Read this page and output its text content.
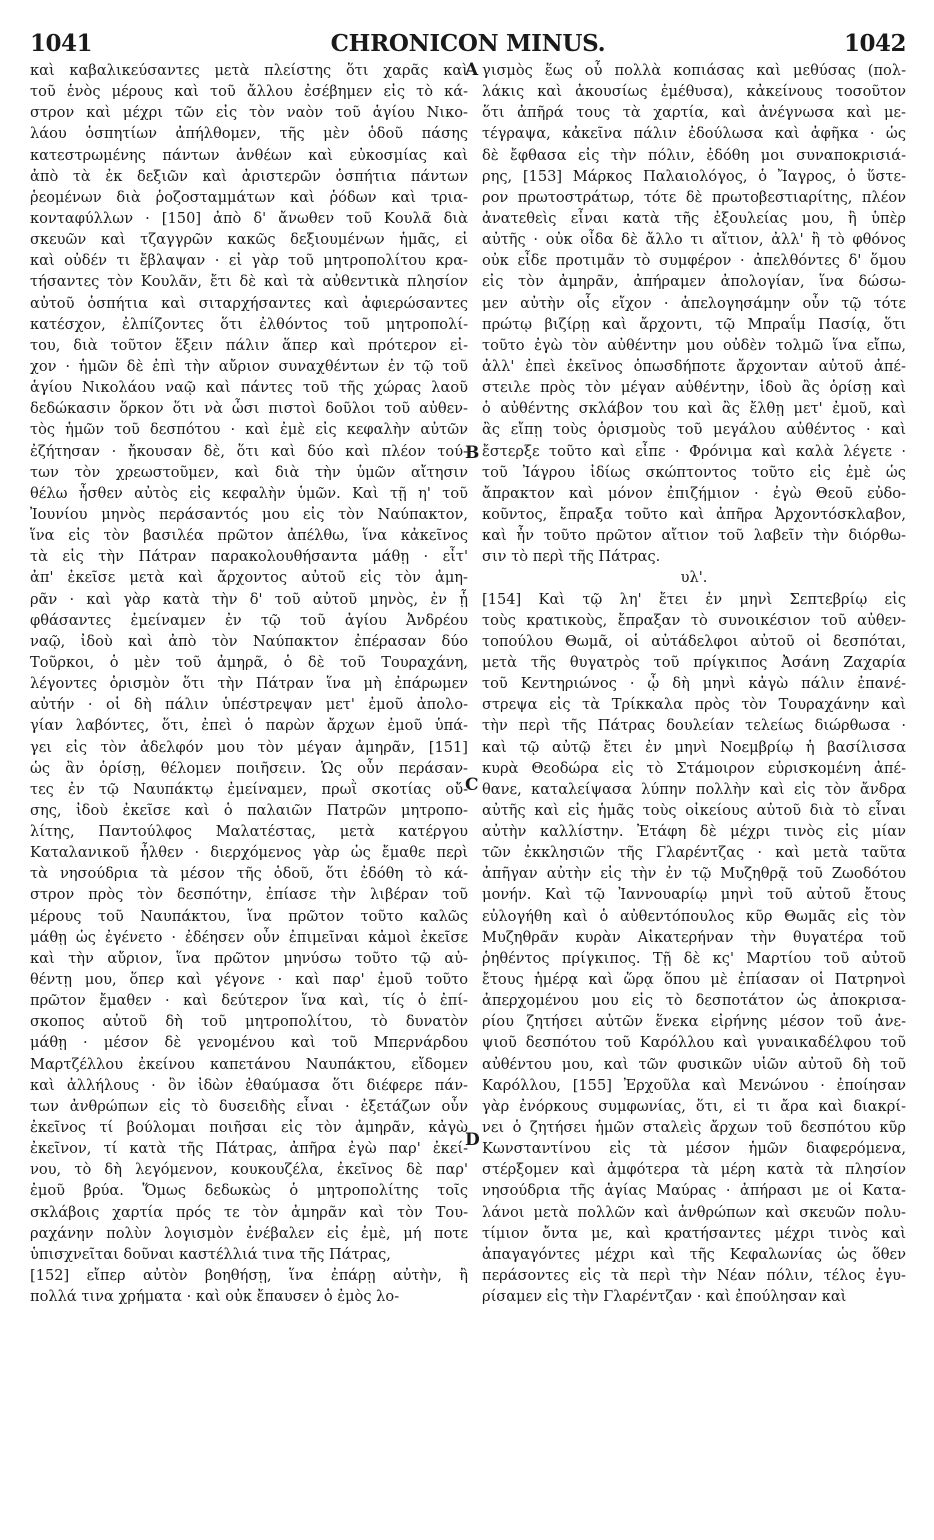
1041	CHRONICON MINUS.	1042
καὶ καβαλικεύσαντες μετὰ πλείστης ὅτι χαρᾶς καὶ
τοῦ ἑνὸς μέρους καὶ τοῦ ἄλλου ἐσέβημεν εἰς τὸ κά-
στρον καὶ μέχρι τῶν εἰς τὸν ναὸν τοῦ ἁγίου Νικο-
λάου ὁσπητίων ἀπήλθομεν, τῆς μὲν ὁδοῦ πάσης
κατεστρωμένης πάντων ἀνθέων καὶ εὐκοσμίας καὶ
ἀπὸ τὰ ἐκ δεξιῶν καὶ ἀριστερῶν ὁσπήτια πάντων
ῥεομένων διὰ ῥοζοσταμμάτων καὶ ῥόδων καὶ τρια-
κονταφύλλων · [150] ἀπὸ δ' ἄνωθεν τοῦ Κουλᾶ διὰ
σκευῶν καὶ τζαγγρῶν κακῶς δεξιουμένων ἡμᾶς, εἰ
καὶ οὐδέν τι ἔβλαψαν · εἰ γὰρ τοῦ μητροπολίτου κρα-
τήσαντες τὸν Κουλᾶν, ἔτι δὲ καὶ τὰ αὐθεντικὰ πλησίον
αὐτοῦ ὁσπήτια καὶ σιταρχήσαντες καὶ ἀφιερώσαντες
κατέσχον, ἐλπίζοντες ὅτι ἐλθόντος τοῦ μητροπολί-
του, διὰ τοῦτον ἕξειν πάλιν ἅπερ καὶ πρότερον εἰ-
χον · ἡμῶν δὲ ἐπὶ τὴν αὔριον συναχθέντων ἐν τῷ τοῦ
ἁγίου Νικολάου ναῷ καὶ πάντες τοῦ τῆς χώρας λαοῦ
δεδώκασιν ὅρκον ὅτι νὰ ὦσι πιστοὶ δοῦλοι τοῦ αὐθεν-
τὸς ἡμῶν τοῦ δεσπότου · καὶ ἐμὲ εἰς κεφαλὴν αὐτῶν
ἐζήτησαν · ἤκουσαν δὲ, ὅτι καὶ δύο καὶ πλέον τού-
των τὸν χρεωστοῦμεν, καὶ διὰ τὴν ὑμῶν αἴτησιν
θέλω ἦσθεν αὐτὸς εἰς κεφαλὴν ὑμῶν. Καὶ τῇ η' τοῦ
Ἰουνίου μηνὸς περάσαντός μου εἰς τὸν Ναύπακτον,
ἵνα εἰς τὸν βασιλέα πρῶτον ἀπέλθω, ἵνα κἀκεῖνος
τὰ εἰς τὴν Πάτραν παρακολουθήσαντα μάθῃ · εἶτ'
ἀπ' ἐκεῖσε μετὰ καὶ ἄρχοντος αὐτοῦ εἰς τὸν ἀμη-
ρᾶν · καὶ γὰρ κατὰ τὴν δ' τοῦ αὐτοῦ μηνὸς, ἐν ᾗ
φθάσαντες ἐμείναμεν ἐν τῷ τοῦ ἁγίου Ἀνδρέου
ναῷ, ἰδοὺ καὶ ἀπὸ τὸν Ναύπακτον ἐπέρασαν δύο
Τοῦρκοι, ὁ μὲν τοῦ ἀμηρᾶ, ὁ δὲ τοῦ Τουραχάνη,
λέγοντες ὁρισμὸν ὅτι τὴν Πάτραν ἵνα μὴ ἐπάρωμεν
αὐτήν · οἱ δὴ πάλιν ὑπέστρεψαν μετ' ἐμοῦ ἀπολο-
γίαν λαβόντες, ὅτι, ἐπεὶ ὁ παρὼν ἄρχων ἐμοῦ ὑπά-
γει εἰς τὸν ἀδελφόν μου τὸν μέγαν ἀμηρᾶν, [151]
ὡς ἂν ὁρίσῃ, θέλομεν ποιῆσειν. Ὡς οὖν περάσαν-
τες ἐν τῷ Ναυπάκτῳ ἐμείναμεν, πρωῒ σκοτίας οὔ-
σης, ἰδοὺ ἐκεῖσε καὶ ὁ παλαιῶν Πατρῶν μητροπο-
λίτης, Παντούλφος Μαλατέστας, μετὰ κατέργου
Καταλανικοῦ ἦλθεν · διερχόμενος γὰρ ὡς ἔμαθε περὶ
τὰ νησούδρια τὰ μέσον τῆς ὁδοῦ, ὅτι ἐδόθη τὸ κά-
στρον πρὸς τὸν δεσπότην, ἐπίασε τὴν λιβέραν τοῦ
μέρους τοῦ Ναυπάκτου, ἵνα πρῶτον τοῦτο καλῶς
μάθῃ ὡς ἐγένετο · ἐδέησεν οὖν ἐπιμεῖναι κἀμοὶ ἐκεῖσε
καὶ τὴν αὔριον, ἵνα πρῶτον μηνύσω τοῦτο τῷ αὐ-
θέντῃ μου, ὅπερ καὶ γέγονε · καὶ παρ' ἐμοῦ τοῦτο
πρῶτον ἔμαθεν · καὶ δεύτερον ἵνα καὶ, τίς ὁ ἐπί-
σκοπος αὐτοῦ δὴ τοῦ μητροπολίτου, τὸ δυνατὸν
μάθῃ · μέσον δὲ γενομένου καὶ τοῦ Μπερνάρδου
Μαρτζέλλου ἐκείνου καπετάνου Ναυπάκτου, εἴδομεν
καὶ ἀλλήλους · ὃν ἰδὼν ἐθαύμασα ὅτι διέφερε πάν-
των ἀνθρώπων εἰς τὸ δυσειδὴς εἶναι · ἐξετάζων οὖν
ἐκεῖνος τί βούλομαι ποιῆσαι εἰς τὸν ἀμηρᾶν, κἀγὼ
ἐκεῖνον, τί κατὰ τῆς Πάτρας, ἀπῆρα ἐγὼ παρ' ἐκεί-
νου, τὸ δὴ λεγόμενον, κουκουζέλα, ἐκεῖνος δὲ παρ'
ἐμοῦ βρύα. Ὅμως δεδωκὼς ὁ μητροπολίτης τοῖς
σκλάβοις χαρτία πρός τε τὸν ἀμηρᾶν καὶ τὸν Του-
ραχάνην πολὺν λογισμὸν ἐνέβαλεν εἰς ἐμὲ, μή ποτε
ὑπισχνεῖται δοῦναι καστέλλιά τινα τῆς Πάτρας,
[152] εἴπερ αὐτὸν βοηθήσῃ, ἵνα ἐπάρῃ αὐτὴν, ἢ
πολλά τινα χρήματα · καὶ οὐκ ἔπαυσεν ὁ ἐμὸς λο-
γισμὸς ἕως οὗ πολλὰ κοπιάσας καὶ μεθύσας (πολ-
λάκις καὶ ἀκουσίως ἐμέθυσα), κἀκείνους τοσοῦτον
ὅτι ἀπῆρά τους τὰ χαρτία, καὶ ἀνέγνωσα καὶ με-
τέγραψα, κἀκεῖνα πάλιν ἐδούλωσα καὶ ἀφῆκα · ὡς
δὲ ἔφθασα εἰς τὴν πόλιν, ἐδόθη μοι συναποκρισιά-
ρης, [153] Μάρκος Παλαιολόγος, ὁ Ἴαγρος, ὁ ὕστε-
ρον πρωτοστράτωρ, τότε δὲ πρωτοβεστιαρίτης, πλέον
ἀνατεθεὶς εἶναι κατὰ τῆς ἐξουλείας μου, ἢ ὑπὲρ
αὐτῆς · οὐκ οἶδα δὲ ἄλλο τι αἴτιον, ἀλλ' ἢ τὸ φθόνος
οὐκ εἶδε προτιμᾶν τὸ συμφέρον · ἀπελθόντες δ' ὅμου
εἰς τὸν ἀμηρᾶν, ἀπήραμεν ἀπολογίαν, ἵνα δώσω-
μεν αὐτὴν οἷς εἴχον · ἀπελογησάμην οὖν τῷ τότε
πρώτῳ βιζίρῃ καὶ ἄρχοντι, τῷ Μπραΐμ Πασίᾳ, ὅτι
τοῦτο ἐγὼ τὸν αὐθέντην μου οὐδὲν τολμῶ ἵνα εἴπω,
ἀλλ' ἐπεὶ ἐκεῖνος ὁπωσδήποτε ἄρχονταν αὐτοῦ ἀπέ-
στειλε πρὸς τὸν μέγαν αὐθέντην, ἰδοὺ ἂς ὁρίσῃ καὶ
ὁ αὐθέντης σκλάβον του καὶ ἂς ἔλθῃ μετ' ἐμοῦ, καὶ
ἂς εἴπῃ τοὺς ὁρισμοὺς τοῦ μεγάλου αὐθέντος · καὶ
ἔστερξε τοῦτο καὶ εἶπε · Φρόνιμα καὶ καλὰ λέγετε ·
τοῦ Ἰάγρου ἰδίως σκώπτοντος τοῦτο εἰς ἐμὲ ὡς
ἄπρακτον καὶ μόνον ἐπιζήμιον · ἐγὼ Θεοῦ εὐδο-
κοῦντος, ἔπραξα τοῦτο καὶ ἀπῆρα Ἀρχοντόσκλαβον,
καὶ ἦν τοῦτο πρῶτον αἴτιον τοῦ λαβεῖν τὴν διόρθω-
σιν τὸ περὶ τῆς Πάτρας.
υλ'.
[154] Καὶ τῷ λη' ἔτει ἐν μηνὶ Σεπτεβρίῳ εἰς
τοὺς κρατικοὺς, ἔπραξαν τὸ συνοικέσιον τοῦ αὐθεν-
τοπούλου Θωμᾶ, οἱ αὐτάδελφοι αὐτοῦ οἱ δεσπόται,
μετὰ τῆς θυγατρὸς τοῦ πρίγκιπος Ἀσάνη Ζαχαρία
τοῦ Κεντηριώνος · ᾧ δὴ μηνὶ κἀγὼ πάλιν ἐπανέ-
στρεψα εἰς τὰ Τρίκκαλα πρὸς τὸν Τουραχάνην καὶ
τὴν περὶ τῆς Πάτρας δουλείαν τελείως διώρθωσα ·
καὶ τῷ αὐτῷ ἔτει ἐν μηνὶ Νοεμβρίῳ ἡ βασίλισσα
κυρὰ Θεοδώρα εἰς τὸ Στάμοιρον εὑρισκομένη ἀπέ-
θανε, καταλείψασα λύπην πολλὴν καὶ εἰς τὸν ἄνδρα
αὐτῆς καὶ εἰς ἡμᾶς τοὺς οἰκείους αὐτοῦ διὰ τὸ εἶναι
αὐτὴν καλλίστην. Ἐτάφη δὲ μέχρι τινὸς εἰς μίαν
τῶν ἐκκλησιῶν τῆς Γλαρέντζας · καὶ μετὰ ταῦτα
ἀπῆγαν αὐτὴν εἰς τὴν ἐν τῷ Μυζηθρᾷ τοῦ Ζωοδότου
μονήν. Καὶ τῷ Ἰαννουαρίῳ μηνὶ τοῦ αὐτοῦ ἔτους
εὐλογήθη καὶ ὁ αὐθεντόπουλος κῦρ Θωμᾶς εἰς τὸν
Μυζηθρᾶν κυρὰν Αἰκατερήναν τὴν θυγατέρα τοῦ
ῥηθέντος πρίγκιπος. Τῇ δὲ κς' Μαρτίου τοῦ αὐτοῦ
ἔτους ἡμέρᾳ καὶ ὥρᾳ ὅπου μὲ ἐπίασαν οἱ Πατρηνοὶ
ἀπερχομένου μου εἰς τὸ δεσποτάτον ὡς ἀποκρισα-
ρίου ζητήσει αὐτῶν ἕνεκα εἰρήνης μέσον τοῦ ἀνε-
ψιοῦ δεσπότου τοῦ Καρόλλου καὶ γυναικαδέλφου τοῦ
αὐθέντου μου, καὶ τῶν φυσικῶν υἱῶν αὐτοῦ δὴ τοῦ
Καρόλλου, [155] Ἐρχοῦλα καὶ Μενώνου · ἐποίησαν
γὰρ ἐνόρκους συμφωνίας, ὅτι, εἰ τι ἄρα καὶ διακρί-
νει ὁ ζητήσει ἡμῶν σταλεὶς ἄρχων τοῦ δεσπότου κῦρ
Κωνσταντίνου εἰς τὰ μέσον ἡμῶν διαφερόμενα,
στέρξομεν καὶ ἀμφότερα τὰ μέρη κατὰ τὰ πλησίον
νησούδρια τῆς ἁγίας Μαύρας · ἀπήρασι με οἱ Κατα-
λάνοι μετὰ πολλῶν καὶ ἀνθρώπων καὶ σκευῶν πολυ-
τίμιον ὄντα με, καὶ κρατήσαντες μέχρι τινὸς καὶ
ἀπαγαγόντες μέχρι καὶ τῆς Κεφαλωνίας ὡς ὅθεν
περάσοντες εἰς τὰ περὶ τὴν Νέαν πόλιν, τέλος ἐγυ-
ρίσαμεν εἰς τὴν Γλαρέντζαν · καὶ ἐπούλησαν καὶ
A
B
C
D
